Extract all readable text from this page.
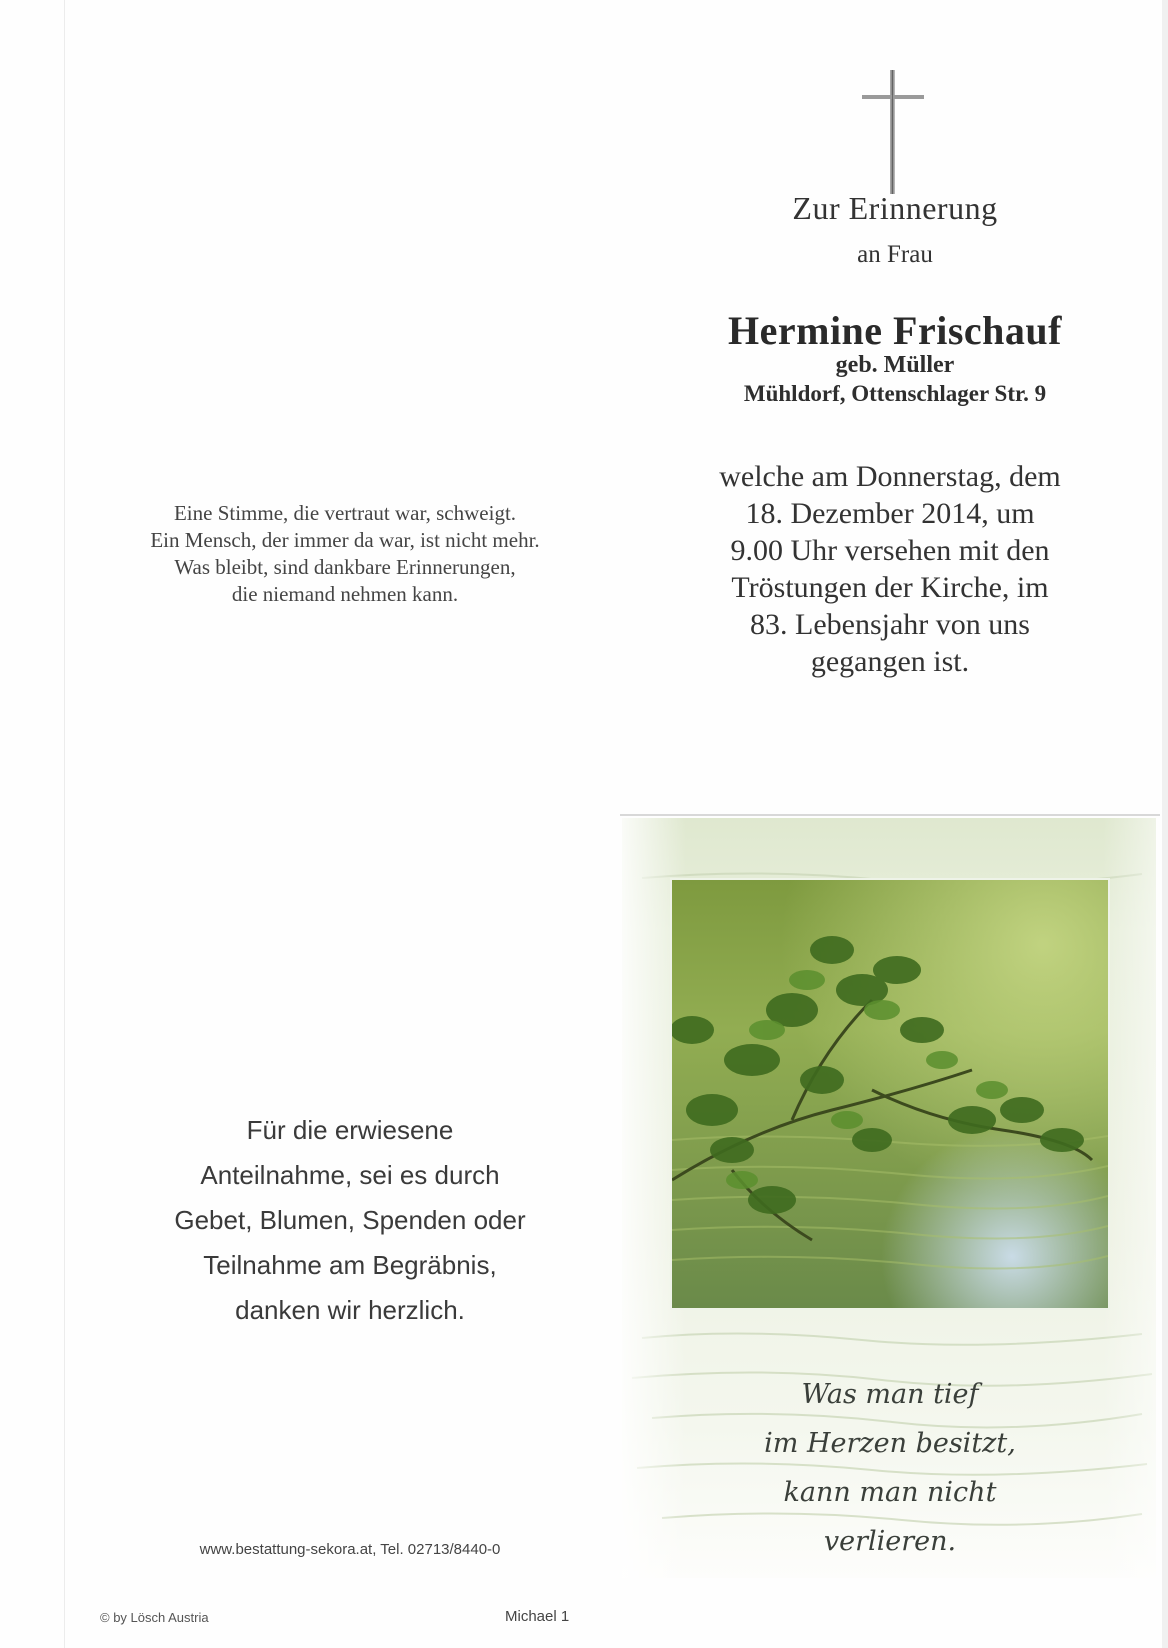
Zur Erinnerung
an Frau
Hermine Frischauf
geb. Müller
Mühldorf, Ottenschlager Str. 9
welche am Donnerstag, dem
18. Dezember 2014, um
9.00 Uhr versehen mit den
Tröstungen der Kirche, im
83. Lebensjahr von uns
gegangen ist.
Eine Stimme, die vertraut war, schweigt.
Ein Mensch, der immer da war, ist nicht mehr.
Was bleibt, sind dankbare Erinnerungen,
die niemand nehmen kann.
Für die erwiesene
Anteilnahme, sei es durch
Gebet, Blumen, Spenden oder
Teilnahme am Begräbnis,
danken wir herzlich.
Was man tief
im Herzen besitzt,
kann man nicht
verlieren.
www.bestattung-sekora.at, Tel. 02713/8440-0
© by Lösch Austria	Michael 1
